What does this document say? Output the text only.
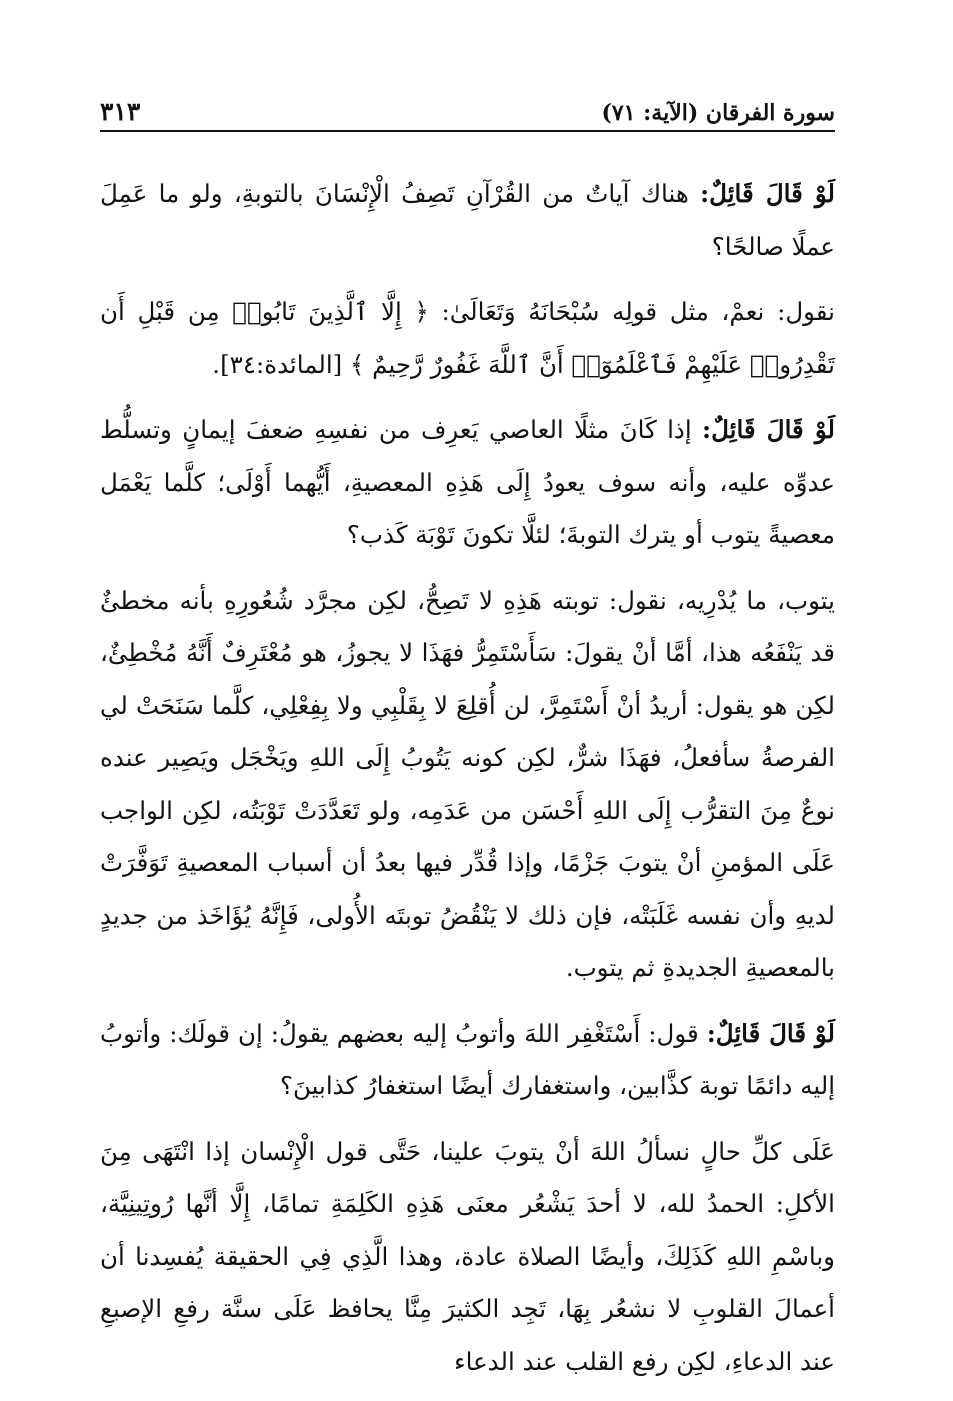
٣١٣	سورة الفرقان (الآية: ٧١)

لَوْ قَالَ قَائِلٌ: هناك آياتٌ من القُرْآنِ تَصِفُ الْإِنْسَانَ بالتوبةِ، ولو ما عَمِلَ عملًا صالحًا؟

نقول: نعمْ، مثل قولِه سُبْحَانَهُ وَتَعَالَىٰ: ﴿ إِلَّا ٱلَّذِينَ تَابُوا۟ مِن قَبْلِ أَن تَقْدِرُوا۟ عَلَيْهِمْ فَٱعْلَمُوٓا۟ أَنَّ ٱللَّهَ غَفُورٌ رَّحِيمٌ ﴾ [المائدة:٣٤].

لَوْ قَالَ قَائِلٌ: إذا كَانَ مثلًا العاصي يَعرِف من نفسِهِ ضعفَ إيمانٍ وتسلُّط عدوِّه عليه، وأنه سوف يعودُ إِلَى هَذِهِ المعصيةِ، أَيُّهما أَوْلَى؛ كلَّما يَعْمَل معصيةً يتوب أو يترك التوبةَ؛ لئلَّا تكونَ تَوْبَة كَذب؟

يتوب، ما يُدْرِيه، نقول: توبته هَذِهِ لا تَصِحُّ، لكِن مجرَّد شُعُورِهِ بأنه مخطئٌ قد يَنْفَعُه هذا، أمَّا أنْ يقولَ: سَأَسْتَمِرُّ فهَذَا لا يجوزُ، هو مُعْتَرِفٌ أَنَّهُ مُخْطِئٌ، لكِن هو يقول: أريدُ أنْ أَسْتَمِرَّ، لن أُقلِعَ لا بِقَلْبِي ولا بِفِعْلِي، كلَّما سَنَحَتْ لي الفرصةُ سأفعلُ، فهَذَا شرٌّ، لكِن كونه يَتُوبُ إِلَى اللهِ ويَخْجَل ويَصِير عنده نوعٌ مِنَ التقرُّب إِلَى اللهِ أَحْسَن من عَدَمِه، ولو تَعَدَّدَتْ تَوْبَتُه، لكِن الواجب عَلَى المؤمنِ أنْ يتوبَ جَزْمًا، وإذا قُدِّر فيها بعدُ أن أسباب المعصيةِ تَوَفَّرَتْ لديهِ وأن نفسه غَلَبَتْه، فإن ذلك لا يَنْقُضُ توبتَه الأُولى، فَإِنَّهُ يُؤَاخَذ من جديدٍ بالمعصيةِ الجديدةِ ثم يتوب.

لَوْ قَالَ قَائِلٌ: قول: أَسْتَغْفِر اللهَ وأتوبُ إليه بعضهم يقولُ: إن قولَك: وأتوبُ إليه دائمًا توبة كذَّابين، واستغفارك أيضًا استغفارُ كذابينَ؟

عَلَى كلِّ حالٍ نسألُ اللهَ أنْ يتوبَ علينا، حَتَّى قول الْإِنْسان إذا انْتَهَى مِنَ الأكلِ: الحمدُ لله، لا أحدَ يَشْعُر معنَى هَذِهِ الكَلِمَةِ تمامًا، إِلَّا أنَّها رُوتِينِيَّة، وباسْمِ اللهِ كَذَلِكَ، وأيضًا الصلاة عادة، وهذا الَّذِي فِي الحقيقة يُفسِدنا أن أعمالَ القلوبِ لا نشعُر بِهَا، تَجِد الكثيرَ مِنَّا يحافظ عَلَى سنَّة رفعِ الإصبعِ عند الدعاءِ، لكِن رفع القلب عند الدعاء
